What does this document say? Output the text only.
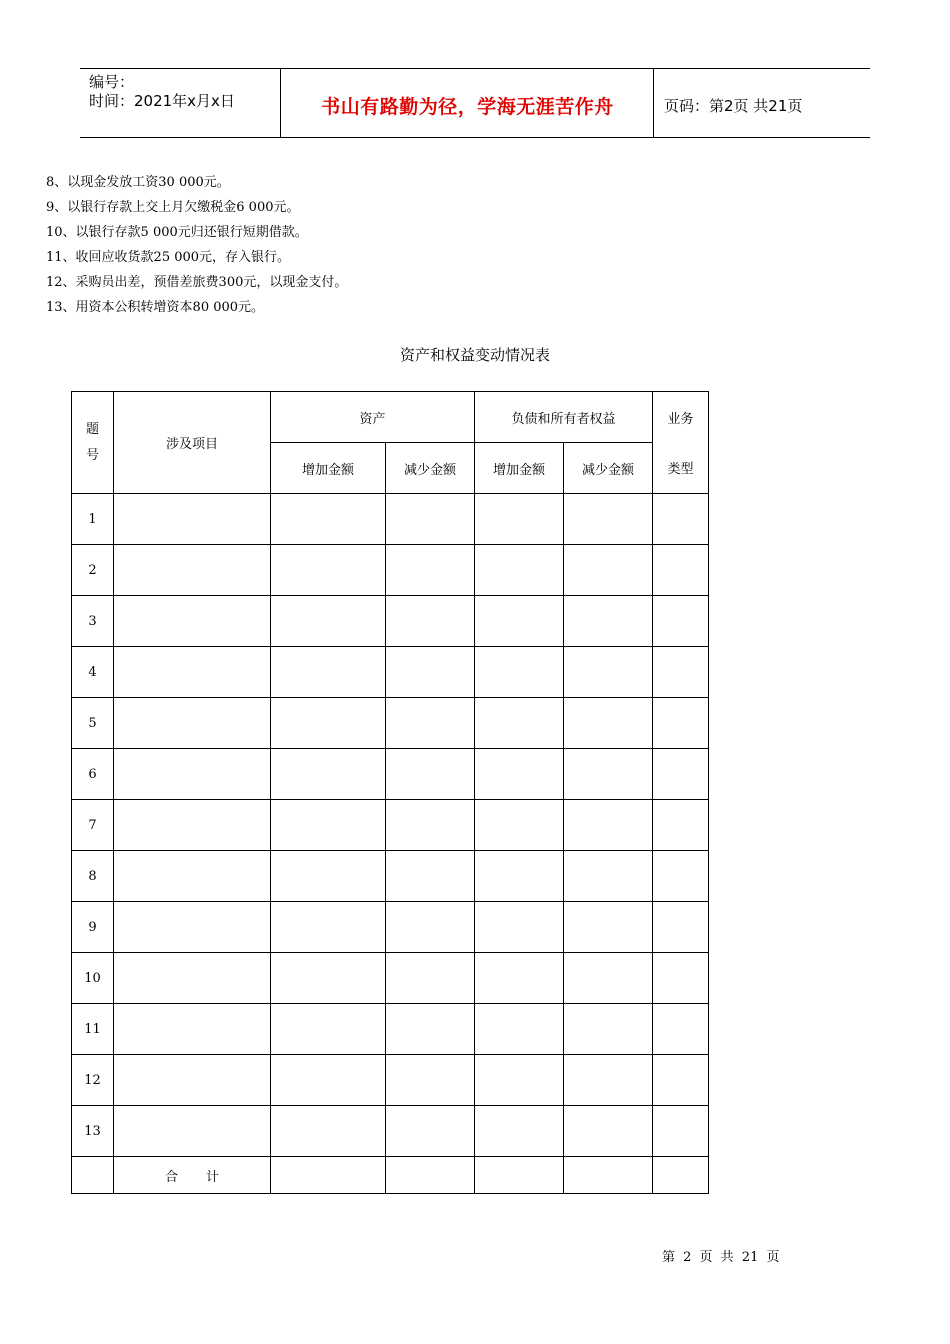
编号：
时间：2021年x月x日	书山有路勤为径，学海无涯苦作舟	页码：第2页 共21页
8、以现金发放工资30 000元。
9、以银行存款上交上月欠缴税金6 000元。
10、以银行存款5 000元归还银行短期借款。
11、收回应收货款25 000元，存入银行。
12、采购员出差，预借差旅费300元，以现金支付。
13、用资本公积转增资本80 000元。
资产和权益变动情况表
题
号	涉及项目	资产		负债和所有者权益		业务
		增加金额	减少金额	增加金额	减少金额	类型
1						
2						
3						
4						
5						
6						
7						
8						
9						
10						
11						
12						
13						
	合计					
第 2 页 共 21 页
